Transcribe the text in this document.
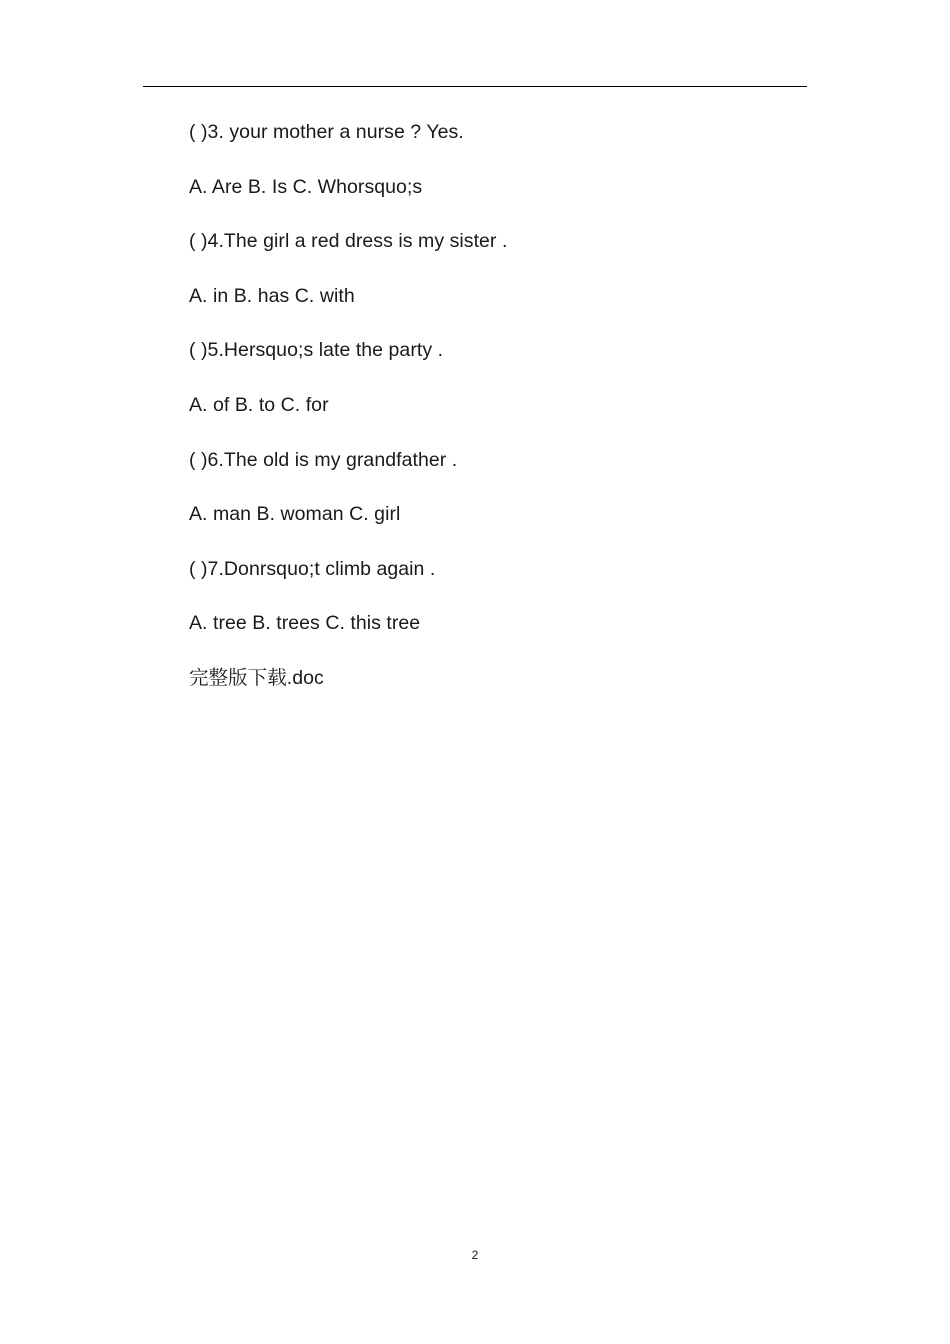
( )3. your mother a nurse ? Yes.
A. Are B. Is C. Whorsquo;s
( )4.The girl a red dress is my sister .
A. in B. has C. with
( )5.Hersquo;s late the party .
A. of B. to C. for
( )6.The old is my grandfather .
A. man B. woman C. girl
( )7.Donrsquo;t climb again .
A. tree B. trees C. this tree
完整版下载.doc
2
